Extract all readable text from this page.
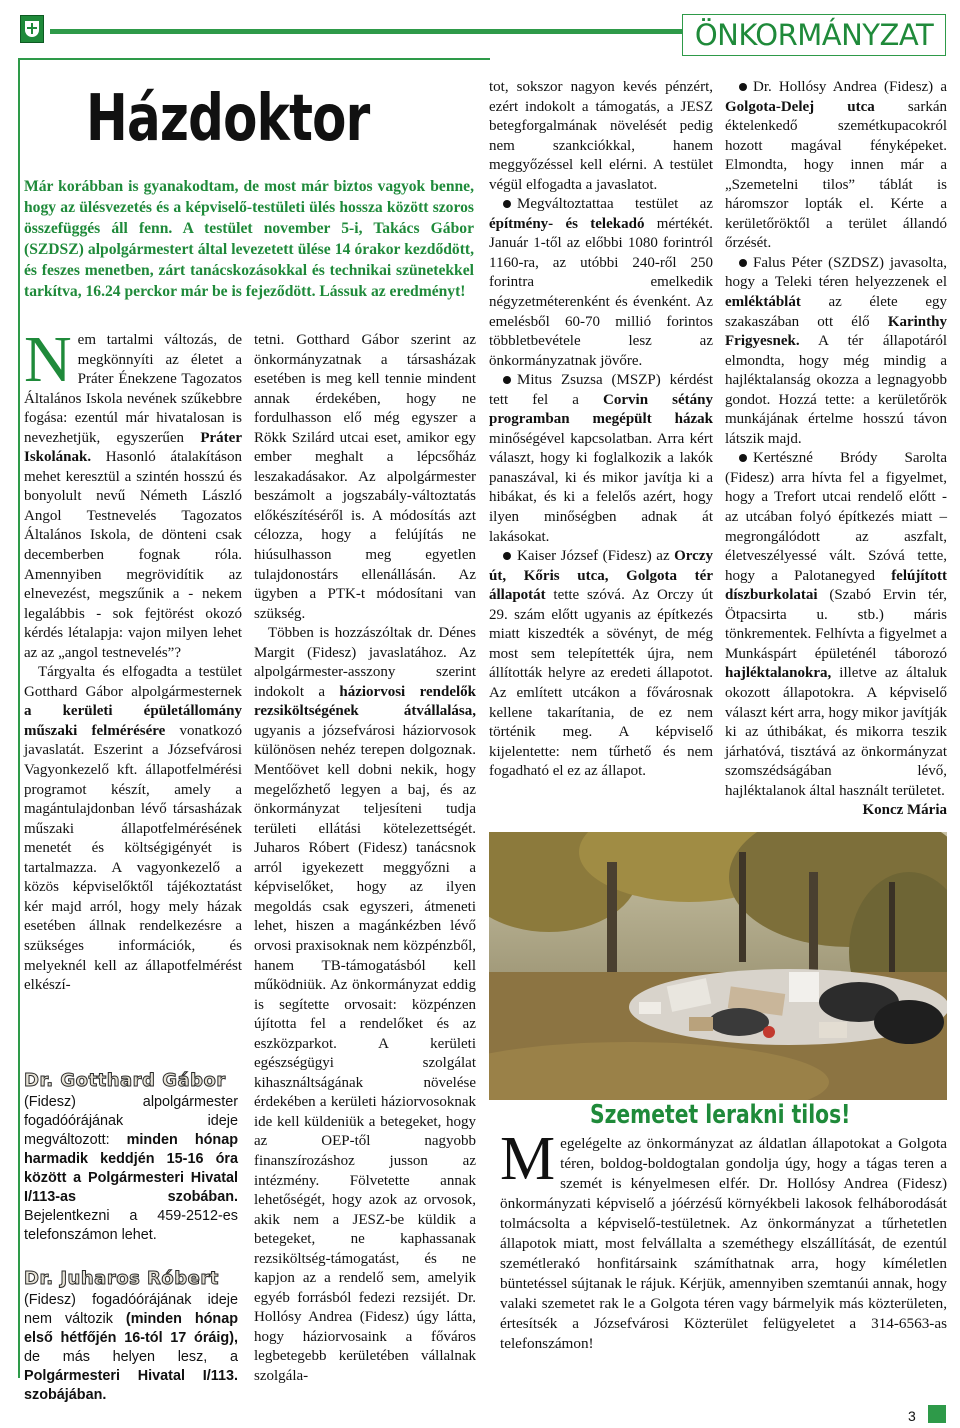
ÖNKORMÁNYZAT
Házdoktor
Már korábban is gyanakodtam, de most már biztos vagyok benne, hogy az ülésvezetés és a képviselő-testületi ülés hossza között szoros összefüggés áll fenn. A testület november 5-i, Takács Gábor (SZDSZ) alpolgármestert által levezetett ülése 14 órakor kezdődött, és feszes menetben, zárt tanácskozásokkal és technikai szünetekkel tarkítva, 16.24 perckor már be is fejeződött. Lássuk az eredményt!

Nem tartalmi változás, de megkönnyíti az életet a Práter Énekzene Tagozatos Általános Iskola nevének szűkebbre fogása: ezentúl már hivatalosan is nevezhetjük, egyszerűen Práter Iskolának. Hasonló átalakításon mehet keresztül a szintén hosszú és bonyolult nevű Németh László Angol Testnevelés Tagozatos Általános Iskola, de dönteni csak decemberben fognak róla. Amennyiben megrövidítik az elnevezést, megszűnik a - nekem legalábbis - sok fejtörést okozó kérdés létalapja: vajon milyen lehet az az „angol testnevelés”?

Tárgyalta és elfogadta a testület Gotthard Gábor alpolgármesternek a kerületi épületállomány műszaki felmérésére vonatkozó javaslatát. Eszerint a Józsefvárosi Vagyonkezelő kft. állapotfelmérési programot készít, amely a magántulajdonban lévő társasházak műszaki állapotfelmérésének menetét és költségigényét is tartalmazza. A vagyonkezelő a közös képviselőktől tájékoztatást kér majd arról, hogy mely házak esetében állnak rendelkezésre a szükséges információk, és melyeknél kell az állapotfelmérést elkészí-

tetni. Gotthard Gábor szerint az önkormányzatnak a társasházak esetében is meg kell tennie mindent annak érdekében, hogy ne fordulhasson elő még egyszer a Rökk Szilárd utcai eset, amikor egy ember meghalt a lépcsőház leszakadásakor. Az alpolgármester beszámolt a jogszabály-változtatás előkészítéséről is. A módosítás azt célozza, hogy a felújítás ne hiúsulhasson meg egyetlen tulajdonostárs ellenállásán. Az ügyben a PTK-t módosítani van szükség.

Többen is hozzászóltak dr. Dénes Margit (Fidesz) javaslatához. Az alpolgármester-asszony szerint indokolt a háziorvosi rendelők rezsiköltségének átvállalása, ugyanis a józsefvárosi háziorvosok különösen nehéz terepen dolgoznak. Mentőövet kell dobni nekik, hogy megelőzhető legyen a baj, és az önkormányzat teljesíteni tudja területi ellátási kötelezettségét. Juharos Róbert (Fidesz) tanácsnok arról igyekezett meggyőzni a képviselőket, hogy az ilyen megoldás csak egyszeri, átmeneti lehet, hiszen a magánkézben lévő orvosi praxisoknak nem közpénzből, hanem TB-támogatásból kell működniük. Az önkormányzat eddig is segítette orvosait: közpénzen újította fel a rendelőket és az eszközparkot. A kerületi egészségügyi szolgálat kihasználtságának növelése érdekében a kerületi háziorvosoknak ide kell küldeniük a betegeket, hogy az OEP-től nagyobb finanszírozáshoz jusson az intézmény. Fölvetette annak lehetőségét, hogy azok az orvosok, akik nem a JESZ-be küldik a betegeket, ne kaphassanak rezsiköltség-támogatást, és ne kapjon az a rendelő sem, amelyik egyéb forrásból fedezi rezsijét. Dr. Hollósy Andrea (Fidesz) úgy látta, hogy háziorvosaink a főváros legbetegebb kerületében vállalnak szolgála-

tot, sokszor nagyon kevés pénzért, ezért indokolt a támogatás, a JESZ betegforgalmának növelését pedig nem szankciókkal, hanem meggyőzéssel kell elérni. A testület végül elfogadta a javaslatot.

Megváltoztattaa testület az építmény- és telekadó mértékét. Január 1-től az előbbi 1080 forintról 1160-ra, az utóbbi 240-ről 250 forintra emelkedik négyzetméterenként és évenként. Az emelésből 60-70 millió forintos többletbevétele lesz az önkormányzatnak jövőre.

Mitus Zsuzsa (MSZP) kérdést tett fel a Corvin sétány programban megépült házak minőségével kapcsolatban. Arra kért választ, hogy ki foglalkozik a lakók panaszával, ki és mikor javítja ki a hibákat, és ki a felelős azért, hogy ilyen minőségben adnak át lakásokat.

Kaiser József (Fidesz) az Orczy út, Kőris utca, Golgota tér állapotát tette szóvá. Az Orczy út 29. szám előtt ugyanis az építkezés miatt kiszedték a sövényt, de még most sem telepítették újra, nem állították helyre az eredeti állapotot. Az említett utcákon a fővárosnak kellene takarítania, de ez nem történik meg. A képviselő kijelentette: nem tűrhető és nem fogadható el ez az állapot.

Dr. Hollósy Andrea (Fidesz) a Golgota-Delej utca sarkán éktelenkedő szemétkupacokról hozott magával fényképeket. Elmondta, hogy innen már a „Szemetelni tilos” táblát is háromszor lopták el. Kérte a kerületőröktől a terület állandó őrzését.

Falus Péter (SZDSZ) javasolta, hogy a Teleki téren helyezzenek el emléktáblát az élete egy szakaszában ott élő Karinthy Frigyesnek. A tér állapotáról elmondta, hogy még mindig a hajléktalanság okozza a legnagyobb gondot. Hozzá tette: a kerületőrök munkájának értelme hosszú távon látszik majd.

Kertészné Bródy Sarolta (Fidesz) arra hívta fel a figyelmet, hogy a Trefort utcai rendelő előtt - az utcában folyó építkezés miatt – megrongálódott az aszfalt, életveszélyessé vált. Szóvá tette, hogy a Palotanegyed felújított díszburkolatai (Szabó Ervin tér, Ötpacsirta u. stb.) máris tönkrementek. Felhívta a figyelmet a Munkáspárt épületénél táborozó hajléktalanokra, illetve az általuk okozott állapotokra. A képviselő választ kért arra, hogy mikor javítják ki az úthibákat, és mikorra teszik járhatóvá, tisztává az önkormányzat szomszédságában lévő, hajléktalanok által használt területet.
Koncz Mária

Dr. Gotthard Gábor

(Fidesz) alpolgármester fogadóórájának ideje megváltozott: minden hónap harmadik keddjén 15-16 óra között a Polgármesteri Hivatal I/113-as szobában. Bejelentkezni a 459-2512-es telefonszámon lehet.

Dr. Juharos Róbert

(Fidesz) fogadóórájának ideje nem változik (minden hónap első hétfőjén 16-tól 17 óráig), de más helyen lesz, a Polgármesteri Hivatal I/113. szobájában.

Szemetet lerakni tilos!
Megelégelte az önkormányzat az áldatlan állapotokat a Golgota téren, boldog-boldogtalan gondolja úgy, hogy a tágas teren a szemét is kényelmesen elfér. Dr. Hollósy Andrea (Fidesz) önkormányzati képviselő a jóérzésű környékbeli lakosok felháborodását tolmácsolta a képviselő-testületnek. Az önkormányzat a tűrhetetlen állapotok miatt, most felvállalta a szeméthegy elszállítását, de ezentúl szemétlerakó honfitársaink számíthatnak arra, hogy kíméletlen büntetéssel sújtanak le rájuk. Kérjük, amennyiben szemtanúi annak, hogy valaki szemetet rak le a Golgota téren vagy bármelyik más közterületen, értesítsék a Józsefvárosi Közterület felügyeletet a 314-6563-as telefonszámon!
3
